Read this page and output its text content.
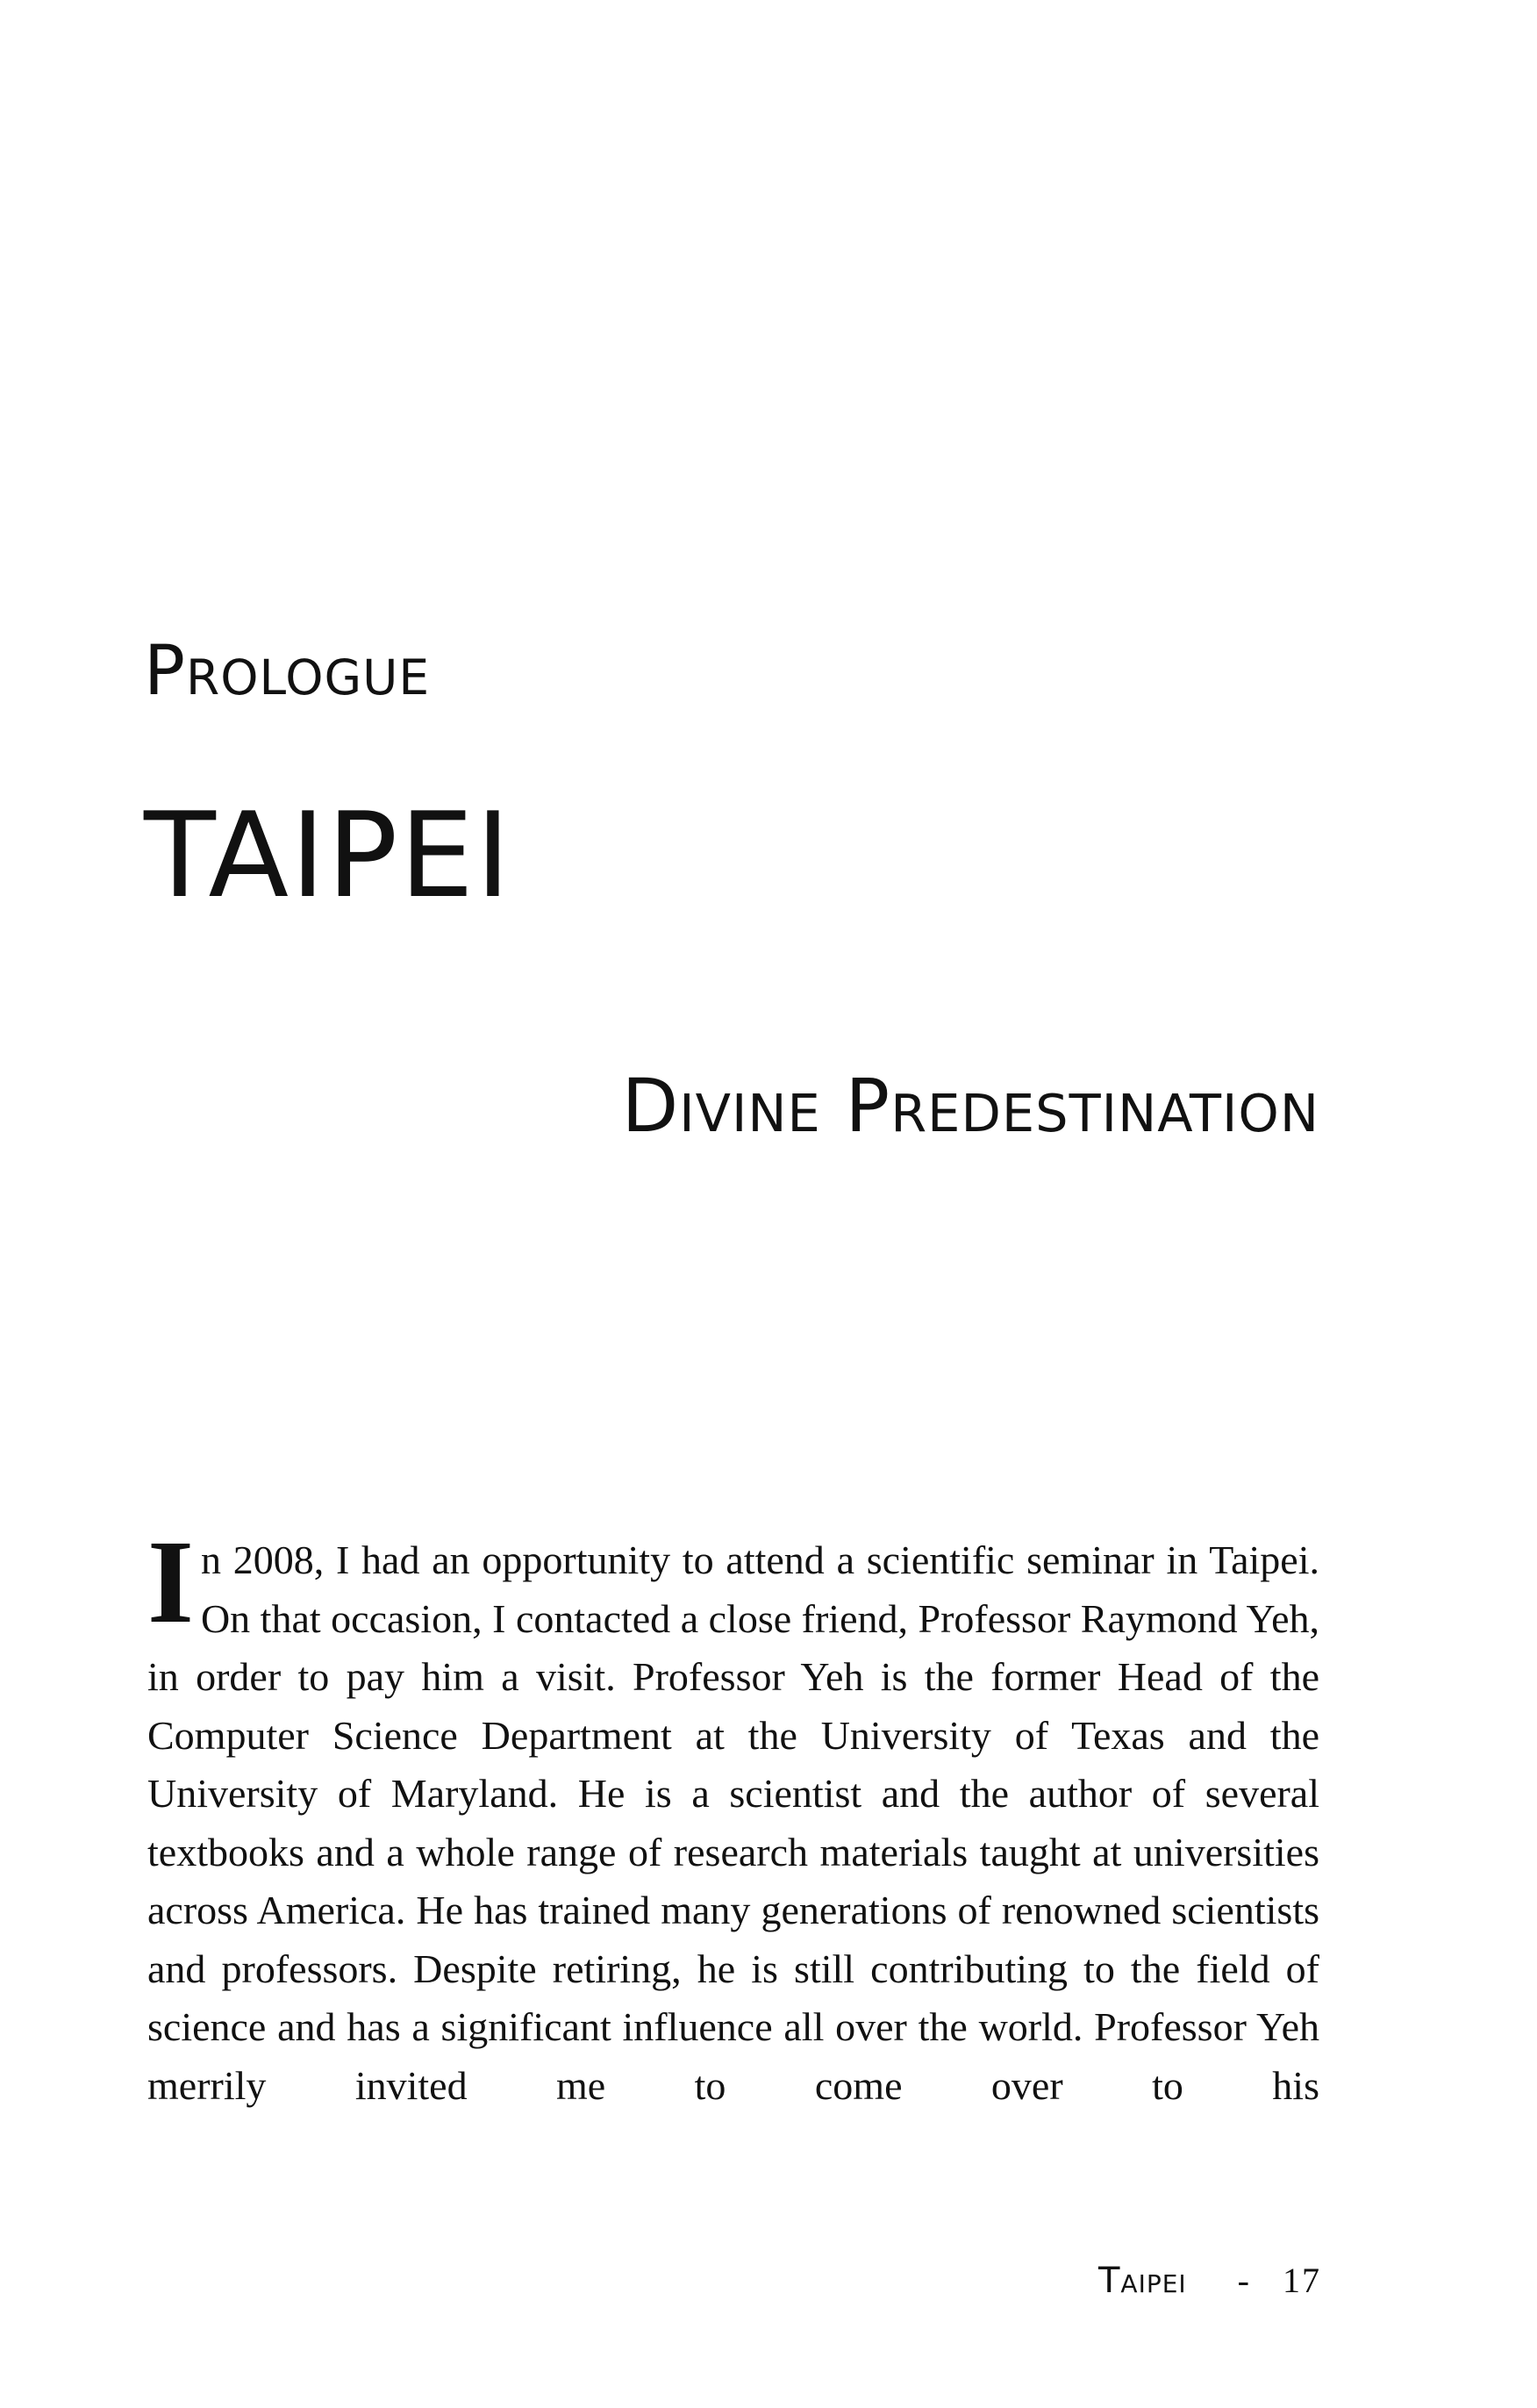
Prologue
TAIPEI
Divine Predestination

In 2008, I had an opportunity to attend a scientific seminar in Taipei. On that occasion, I contacted a close friend, Professor Raymond Yeh, in order to pay him a visit. Professor Yeh is the former Head of the Computer Science Department at the University of Texas and the University of Maryland. He is a scientist and the author of several textbooks and a whole range of research materials taught at universities across America. He has trained many generations of renowned scientists and professors. Despite retiring, he is still contributing to the field of science and has a significant influence all over the world. Professor Yeh merrily invited me to come over to his

Taipei - 17
